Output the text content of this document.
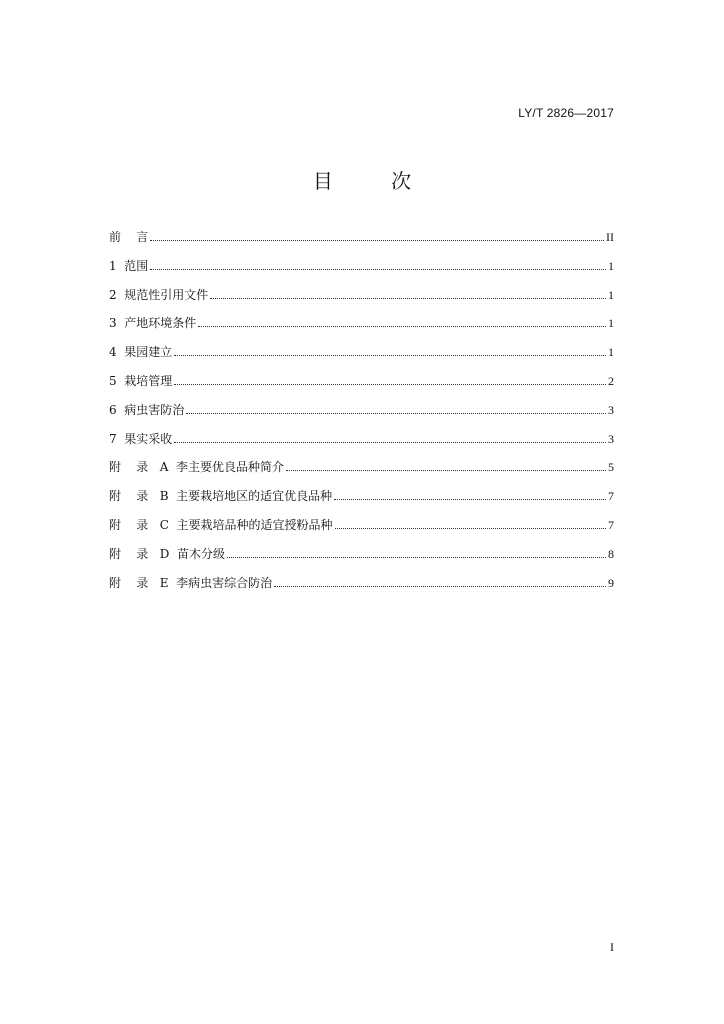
LY/T 2826—2017
目 次
前    言	II
1  范围	1
2  规范性引用文件	1
3  产地环境条件	1
4  果园建立	1
5  栽培管理	2
6  病虫害防治	3
7  果实采收	3
附    录   A  李主要优良品种简介	5
附    录   B  主要栽培地区的适宜优良品种	7
附    录   C  主要栽培品种的适宜授粉品种	7
附    录   D  苗木分级	8
附    录   E  李病虫害综合防治	9
I
